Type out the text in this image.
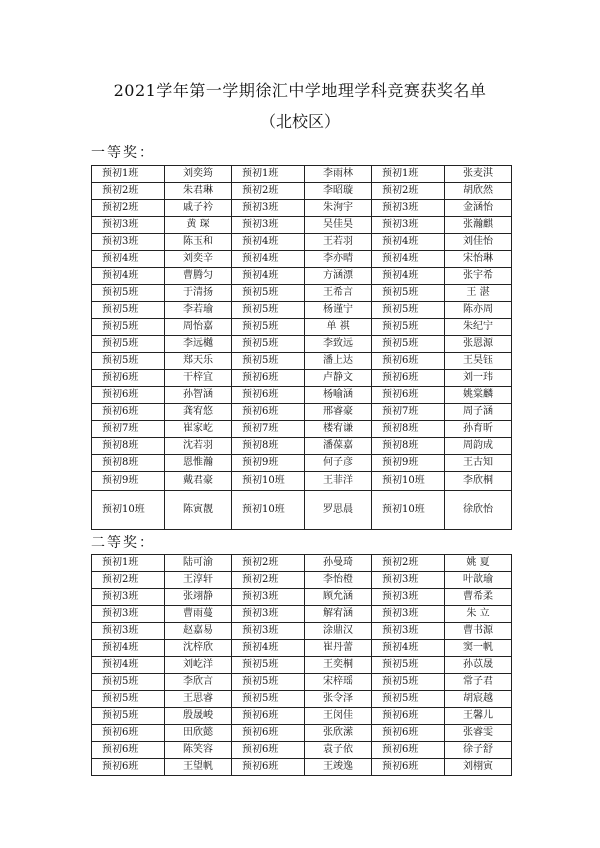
2021学年第一学期徐汇中学地理学科竞赛获奖名单
（北校区）
一等奖：
预初1班	刘奕筠	预初1班	李雨林	预初1班	张麦淇
预初2班	朱君琳	预初2班	李昭璇	预初2班	胡欣然
预初2班	戚子衿	预初3班	朱洵宇	预初3班	金涵怡
预初3班	黄 琛	预初3班	吴佳昊	预初3班	张瀚麒
预初3班	陈玉和	预初4班	王若羽	预初4班	刘佳怡
预初4班	刘奕辛	预初4班	李亦晴	预初4班	宋怡琳
预初4班	曹腾匀	预初4班	方涵漂	预初4班	张宇希
预初5班	于清扬	预初5班	王希言	预初5班	王 湛
预初5班	李若瑜	预初5班	杨谨宁	预初5班	陈亦周
预初5班	周怡嘉	预初5班	单 祺	预初5班	朱纪宁
预初5班	李远樾	预初5班	李致远	预初5班	张恩源
预初5班	郑天乐	预初5班	潘上达	预初6班	王昊钰
预初6班	干梓宜	预初6班	卢静文	预初6班	刘一玮
预初6班	孙智涵	预初6班	杨喻涵	预初6班	姚棠麟
预初6班	龚宥悠	预初6班	邢睿豪	预初7班	周子涵
预初7班	崔家屹	预初7班	楼宥谦	预初8班	孙育昕
预初8班	沈若羽	预初8班	潘葆嘉	预初8班	周韵成
预初8班	恩惟瀚	预初9班	何子彦	预初9班	王古知
预初9班	戴君豪	预初10班	王菲洋	预初10班	李欣桐
预初10班	陈寅靓	预初10班	罗思晨	预初10班	徐欣怡
二等奖：
预初1班	陆可渝	预初2班	孙曼琦	预初2班	姚 夏
预初2班	王淳轩	预初2班	李怡橙	预初3班	叶歆瑜
预初3班	张翊静	预初3班	顾允涵	预初3班	曹希柔
预初3班	曹雨蔓	预初3班	解宥涵	预初3班	朱 立
预初3班	赵嘉易	预初3班	涂鼎汉	预初3班	曹书源
预初4班	沈梓欣	预初4班	崔丹蕾	预初4班	窦一帆
预初4班	刘屹洋	预初5班	王奕桐	预初5班	孙苡晟
预初5班	李欣言	预初5班	宋梓瑶	预初5班	常子君
预初5班	王思睿	预初5班	张令泽	预初5班	胡宸越
预初5班	殷晟峻	预初6班	王闵佳	预初6班	王馨儿
预初6班	田欣懿	预初6班	张欣潆	预初6班	张睿雯
预初6班	陈笑容	预初6班	袁子依	预初6班	徐子舒
预初6班	王望帆	预初6班	王竣逸	预初6班	刘栩寅
